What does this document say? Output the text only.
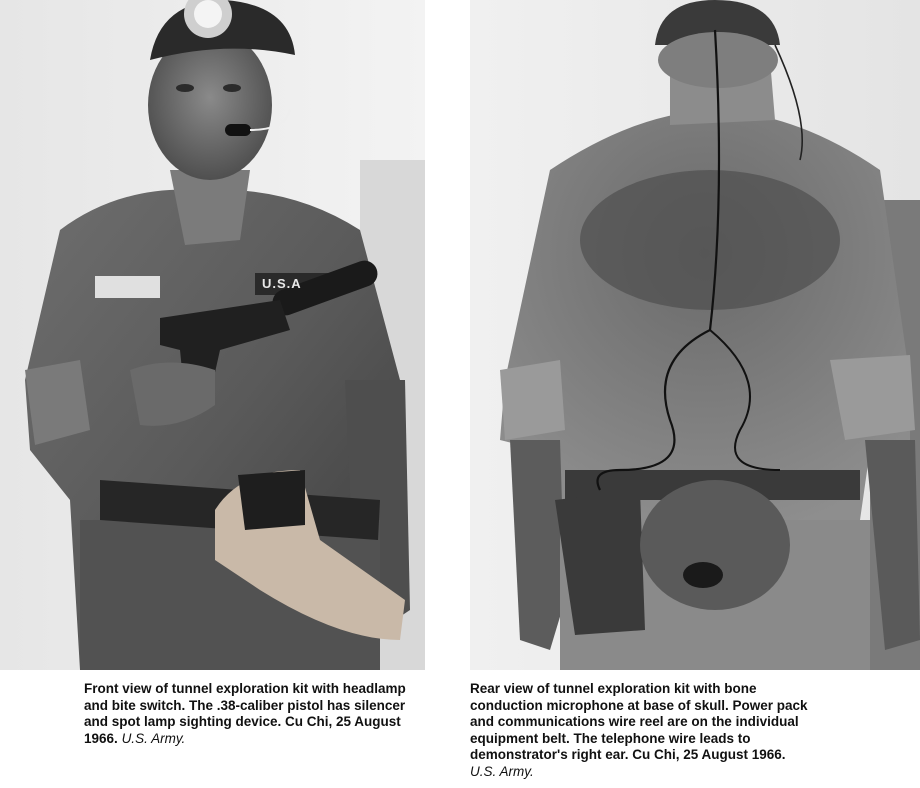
U.S.A
Front view of tunnel exploration kit with headlamp and bite switch. The .38-caliber pistol has silencer and spot lamp sighting device. Cu Chi, 25 August 1966. U.S. Army.
Rear view of tunnel exploration kit with bone conduction microphone at base of skull. Power pack and communications wire reel are on the individual equipment belt. The telephone wire leads to demonstrator's right ear. Cu Chi, 25 August 1966. U.S. Army.
